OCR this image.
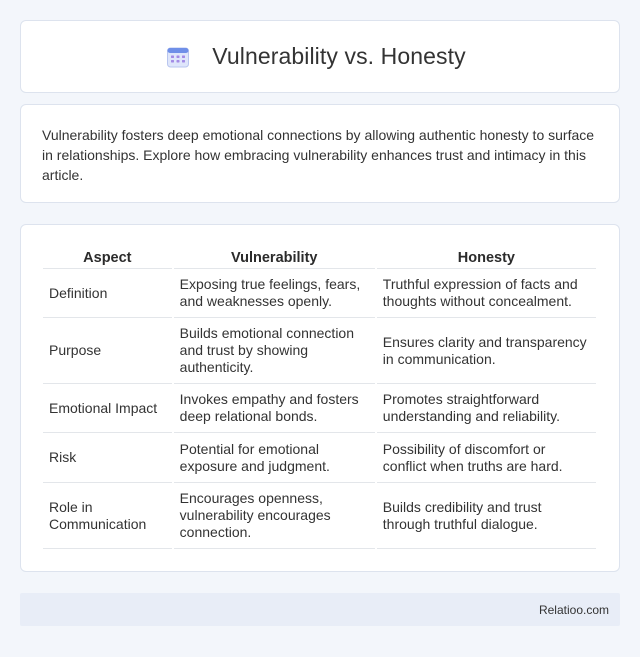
Vulnerability vs. Honesty

Vulnerability fosters deep emotional connections by allowing authentic honesty to surface in relationships. Explore how embracing vulnerability enhances trust and intimacy in this article.

Aspect	Vulnerability	Honesty
Definition	Exposing true feelings, fears, and weaknesses openly.	Truthful expression of facts and thoughts without concealment.
Purpose	Builds emotional connection and trust by showing authenticity.	Ensures clarity and transparency in communication.
Emotional Impact	Invokes empathy and fosters deep relational bonds.	Promotes straightforward understanding and reliability.
Risk	Potential for emotional exposure and judgment.	Possibility of discomfort or conflict when truths are hard.
Role in Communication	Encourages openness, vulnerability encourages connection.	Builds credibility and trust through truthful dialogue.
Relatioo.com
